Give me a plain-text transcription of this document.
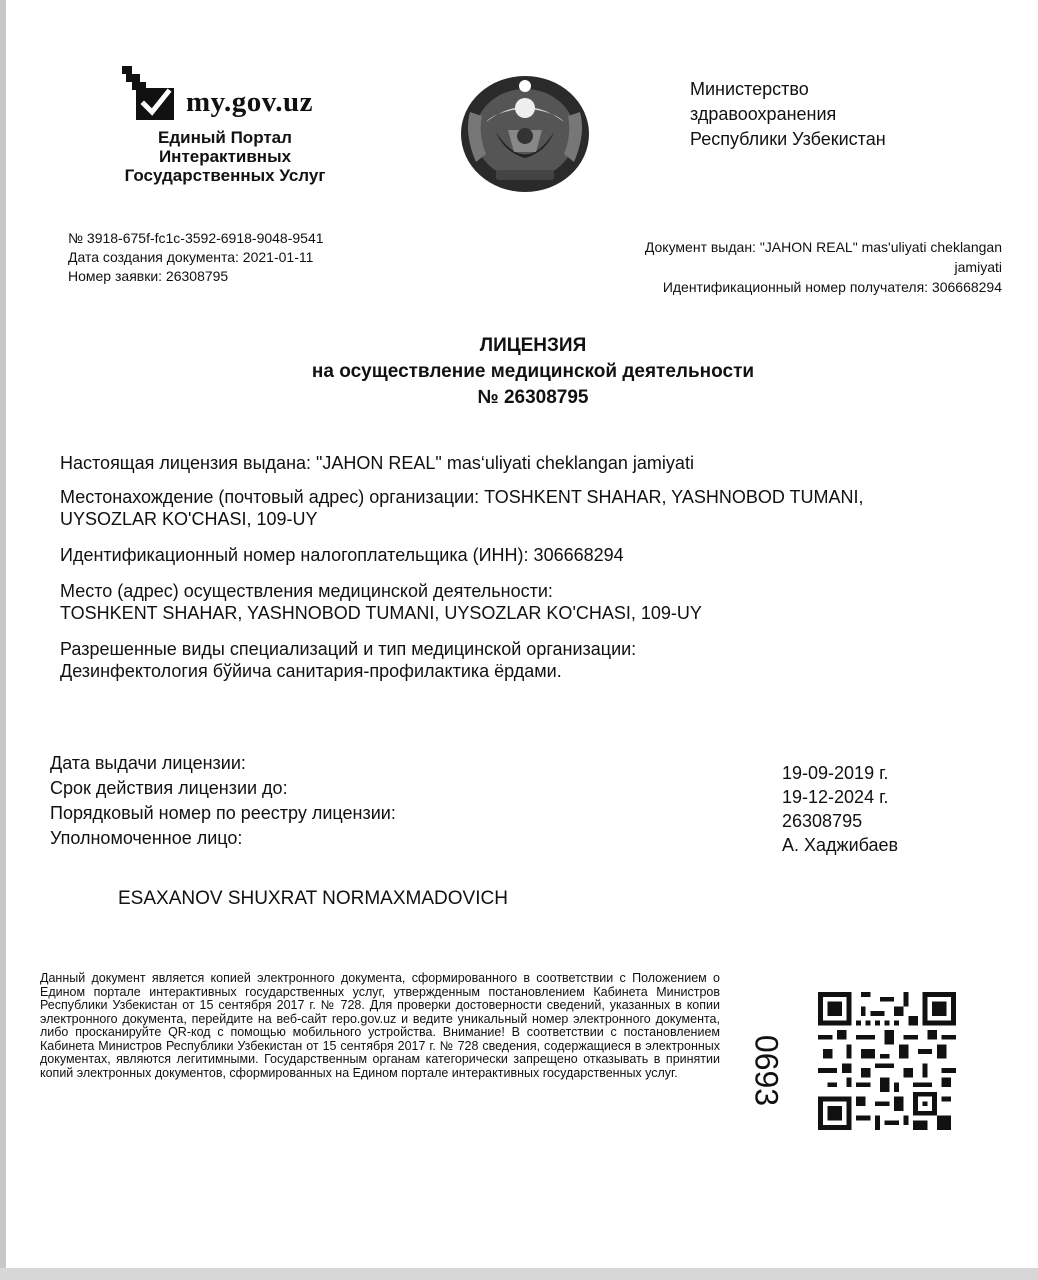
my.gov.uz
Единый Портал
Интерактивных
Государственных Услуг
Министерство
здравоохранения
Республики Узбекистан
№ 3918-675f-fc1c-3592-6918-9048-9541
Дата создания документа: 2021-01-11
Номер заявки: 26308795
Документ выдан: "JAHON REAL" mas'uliyati cheklangan
jamiyati
Идентификационный номер получателя: 306668294
ЛИЦЕНЗИЯ
на осуществление медицинской деятельности
№ 26308795

Настоящая лицензия выдана: "JAHON REAL" mas‘uliyati cheklangan jamiyati

Местонахождение (почтовый адрес) организации: TOSHKENT SHAHAR, YASHNOBOD TUMANI,
UYSOZLAR KO'CHASI, 109-UY

Идентификационный номер налогоплательщика (ИНН): 306668294

Место (адрес) осуществления медицинской деятельности:
TOSHKENT SHAHAR, YASHNOBOD TUMANI, UYSOZLAR KO'CHASI, 109-UY

Разрешенные виды специализаций и тип медицинской организации:
Дезинфектология бўйича санитария-профилактика ёрдами.

Дата выдачи лицензии:
Срок действия лицензии до:
Порядковый номер по реестру лицензии:
Уполномоченное лицо:
19-09-2019 г.
19-12-2024 г.
26308795
А. Хаджибаев
ESAXANOV SHUXRAT NORMAXMADOVICH
Данный документ является копией электронного документа, сформированного в соответствии с Положением о Едином портале интерактивных государственных услуг, утвержденным постановлением Кабинета Министров Республики Узбекистан от 15 сентября 2017 г. № 728. Для проверки достоверности сведений, указанных в копии электронного документа, перейдите на веб-сайт repo.gov.uz и ведите уникальный номер электронного документа, либо просканируйте QR-код с помощью мобильного устройства. Внимание! В соответствии с постановлением Кабинета Министров Республики Узбекистан от 15 сентября 2017 г. № 728 сведения, содержащиеся в электронных документах, являются легитимными. Государственным органам категорически запрещено отказывать в принятии копий электронных документов, сформированных на Едином портале интерактивных государственных услуг.	0693
